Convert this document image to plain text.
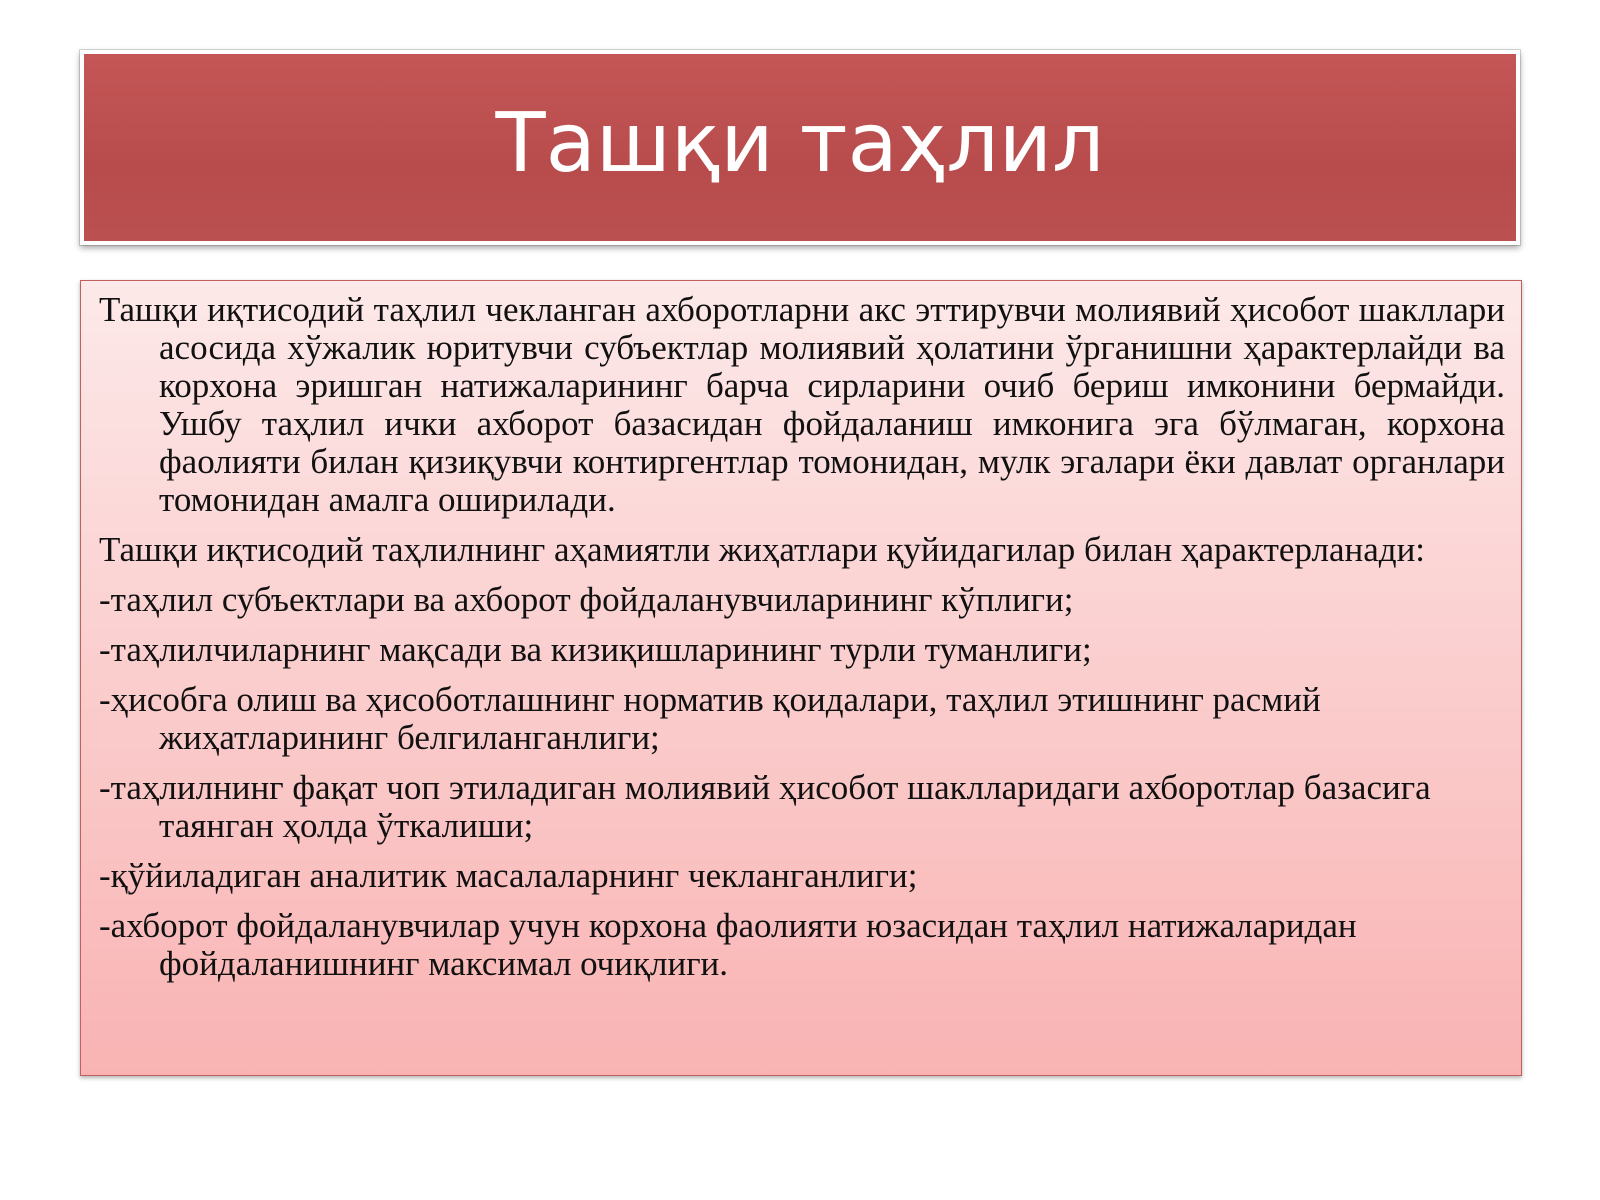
Ташқи таҳлил

Ташқи иқтисодий таҳлил чекланган ахборотларни акс эттирувчи молиявий ҳисобот шакллари асосида хўжалик юритувчи субъектлар молиявий ҳолатини ўрганишни ҳарактерлайди ва корхона эришган натижаларининг барча сирларини очиб бериш имконини бермайди. Ушбу таҳлил ички ахборот базасидан фойдаланиш имконига эга бўлмаган, корхона фаолияти билан қизиқувчи контиргентлар томонидан, мулк эгалари ёки давлат органлари томонидан амалга оширилади.

Ташқи иқтисодий таҳлилнинг аҳамиятли жиҳатлари қуйидагилар билан ҳарактерланади:

-таҳлил субъектлари ва ахборот фойдаланувчиларининг кўплиги;

-таҳлилчиларнинг мақсади ва кизиқишларининг турли туманлиги;

-ҳисобга олиш ва ҳисоботлашнинг норматив қоидалари, таҳлил этишнинг расмий жиҳатларининг белгиланганлиги;

-таҳлилнинг фақат чоп этиладиган молиявий ҳисобот шаклларидаги ахборотлар базасига таянган ҳолда ўткалиши;

-қўйиладиган аналитик масалаларнинг чекланганлиги;

-ахборот фойдаланувчилар учун корхона фаолияти юзасидан таҳлил натижаларидан фойдаланишнинг максимал очиқлиги.
